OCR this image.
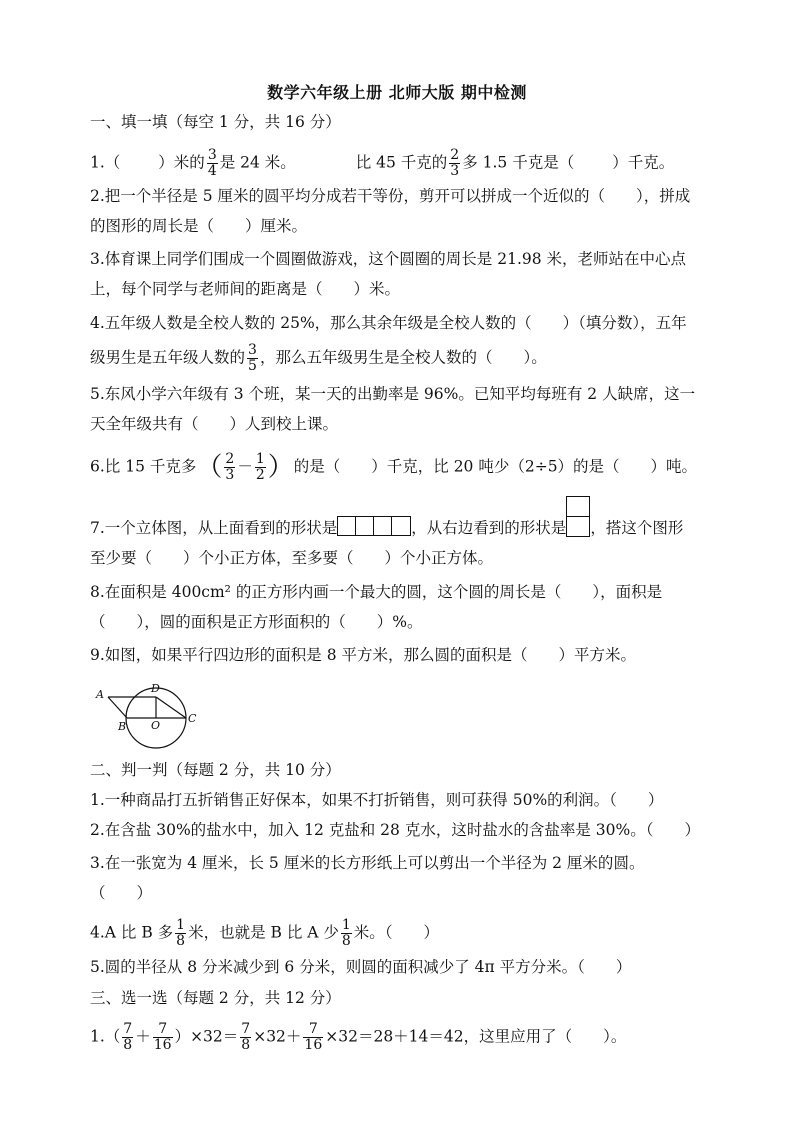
数学六年级上册 北师大版 期中检测
一、填一填（每空 1 分，共 16 分）
1.（ ）米的 $\frac{3}{4}$ 是 24 米。	比 45 千克的 $\frac{2}{3}$ 多 1.5 千克是（ ）千克。
2.把一个半径是 5 厘米的圆平均分成若干等份，剪开可以拼成一个近似的（　　），拼成
的图形的周长是（　　）厘米。
3.体育课上同学们围成一个圆圈做游戏，这个圆圈的周长是 21.98 米，老师站在中心点
上，每个同学与老师间的距离是（　　）米。
4.五年级人数是全校人数的 25%，那么其余年级是全校人数的（　　）（填分数），五年
级男生是五年级人数的 $\frac{3}{5}$ ，那么五年级男生是全校人数的（　　）。
5.东风小学六年级有 3 个班，某一天的出勤率是 96%。已知平均每班有 2 人缺席，这一
天全年级共有（　　）人到校上课。
6.比 15 千克多（ $\frac{2}{3} - \frac{1}{2}$ ）的是（　　）千克，比 20 吨少（2÷5）的是（　　）吨。
7.一个立体图，从上面看到的形状是	，从右边看到的形状是 ，搭这个图形
至少要（　　）个小正方体，至多要（　　）个小正方体。
8.在面积是 400cm² 的正方形内画一个最大的圆，这个圆的周长是（　　），面积是
（　　），圆的面积是正方形面积的（　　）%。
9.如图，如果平行四边形的面积是 8 平方米，那么圆的面积是（　　）平方米。
A
B
C
D
O
二、判一判（每题 2 分，共 10 分）
1.一种商品打五折销售正好保本，如果不打折销售，则可获得 50%的利润。（　　）
2.在含盐 30%的盐水中，加入 12 克盐和 28 克水，这时盐水的含盐率是 30%。（　　）
3.在一张宽为 4 厘米，长 5 厘米的长方形纸上可以剪出一个半径为 2 厘米的圆。
（　　）
4.A 比 B 多 $\frac{1}{8}$ 米，也就是 B 比 A 少 $\frac{1}{8}$ 米。（　　）
5.圆的半径从 8 分米减少到 6 分米，则圆的面积减少了 4π 平方分米。（　　）
三、选一选（每题 2 分，共 12 分）
$1.( \frac{7}{8} + \frac{7}{16} )\times 32= \frac{7}{8} \times 32+ \frac{7}{16} \times 32=28+14=42$，这里应用了（　　）。
